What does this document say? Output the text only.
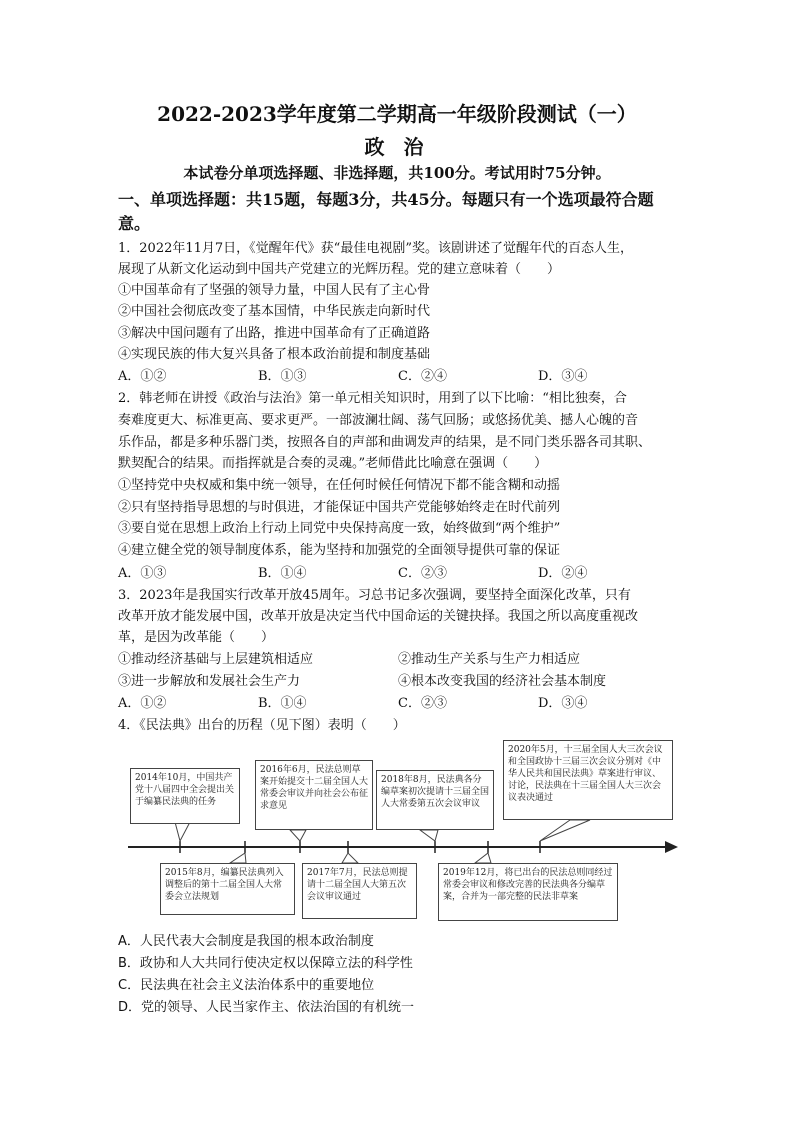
2022-2023学年度第二学期高一年级阶段测试（一）
政 治
本试卷分单项选择题、非选择题，共100分。考试用时75分钟。
一、单项选择题：共15题，每题3分，共45分。每题只有一个选项最符合题
意。
1．2022年11月7日，《觉醒年代》获“最佳电视剧”奖。该剧讲述了觉醒年代的百态人生，
展现了从新文化运动到中国共产党建立的光辉历程。党的建立意味着（　　）
①中国革命有了坚强的领导力量，中国人民有了主心骨
②中国社会彻底改变了基本国情，中华民族走向新时代
③解决中国问题有了出路，推进中国革命有了正确道路
④实现民族的伟大复兴具备了根本政治前提和制度基础
A．①②	B．①③	C．②④	D．③④
2．韩老师在讲授《政治与法治》第一单元相关知识时，用到了以下比喻：“相比独奏，合
奏难度更大、标准更高、要求更严。一部波澜壮阔、荡气回肠；或悠扬优美、撼人心魄的音
乐作品，都是多种乐器门类，按照各自的声部和曲调发声的结果，是不同门类乐器各司其职、
默契配合的结果。而指挥就是合奏的灵魂。”老师借此比喻意在强调（　　）
①坚持党中央权威和集中统一领导，在任何时候任何情况下都不能含糊和动摇
②只有坚持指导思想的与时俱进，才能保证中国共产党能够始终走在时代前列
③要自觉在思想上政治上行动上同党中央保持高度一致，始终做到“两个维护”
④建立健全党的领导制度体系，能为坚持和加强党的全面领导提供可靠的保证
A．①③	B．①④	C．②③	D．②④
3．2023年是我国实行改革开放45周年。习总书记多次强调，要坚持全面深化改革，只有
改革开放才能发展中国，改革开放是决定当代中国命运的关键抉择。我国之所以高度重视改
革，是因为改革能（　　）
①推动经济基础与上层建筑相适应	②推动生产关系与生产力相适应
③进一步解放和发展社会生产力	④根本改变我国的经济社会基本制度
A．①②	B．①④	C．②③	D．③④
4．《民法典》出台的历程（见下图）表明（　　）
2014年10月，中国共产党十八届四中全会提出关于编纂民法典的任务
2016年6月，民法总则草案开始提交十二届全国人大常委会审议并向社会公布征求意见
2018年8月，民法典各分编草案初次提请十三届全国人大常委第五次会议审议
2020年5月，十三届全国人大三次会议和全国政协十三届三次会议分别对《中华人民共和国民法典》草案进行审议、讨论，民法典在十三届全国人大三次会议表决通过
2015年8月，编纂民法典列入调整后的第十二届全国人大常委会立法规划
2017年7月，民法总则提请十二届全国人大第五次会议审议通过
2019年12月，将已出台的民法总则同经过常委会审议和修改完善的民法典各分编草案，合并为一部完整的民法非草案
A．人民代表大会制度是我国的根本政治制度
B．政协和人大共同行使决定权以保障立法的科学性
C．民法典在社会主义法治体系中的重要地位
D．党的领导、人民当家作主、依法治国的有机统一
